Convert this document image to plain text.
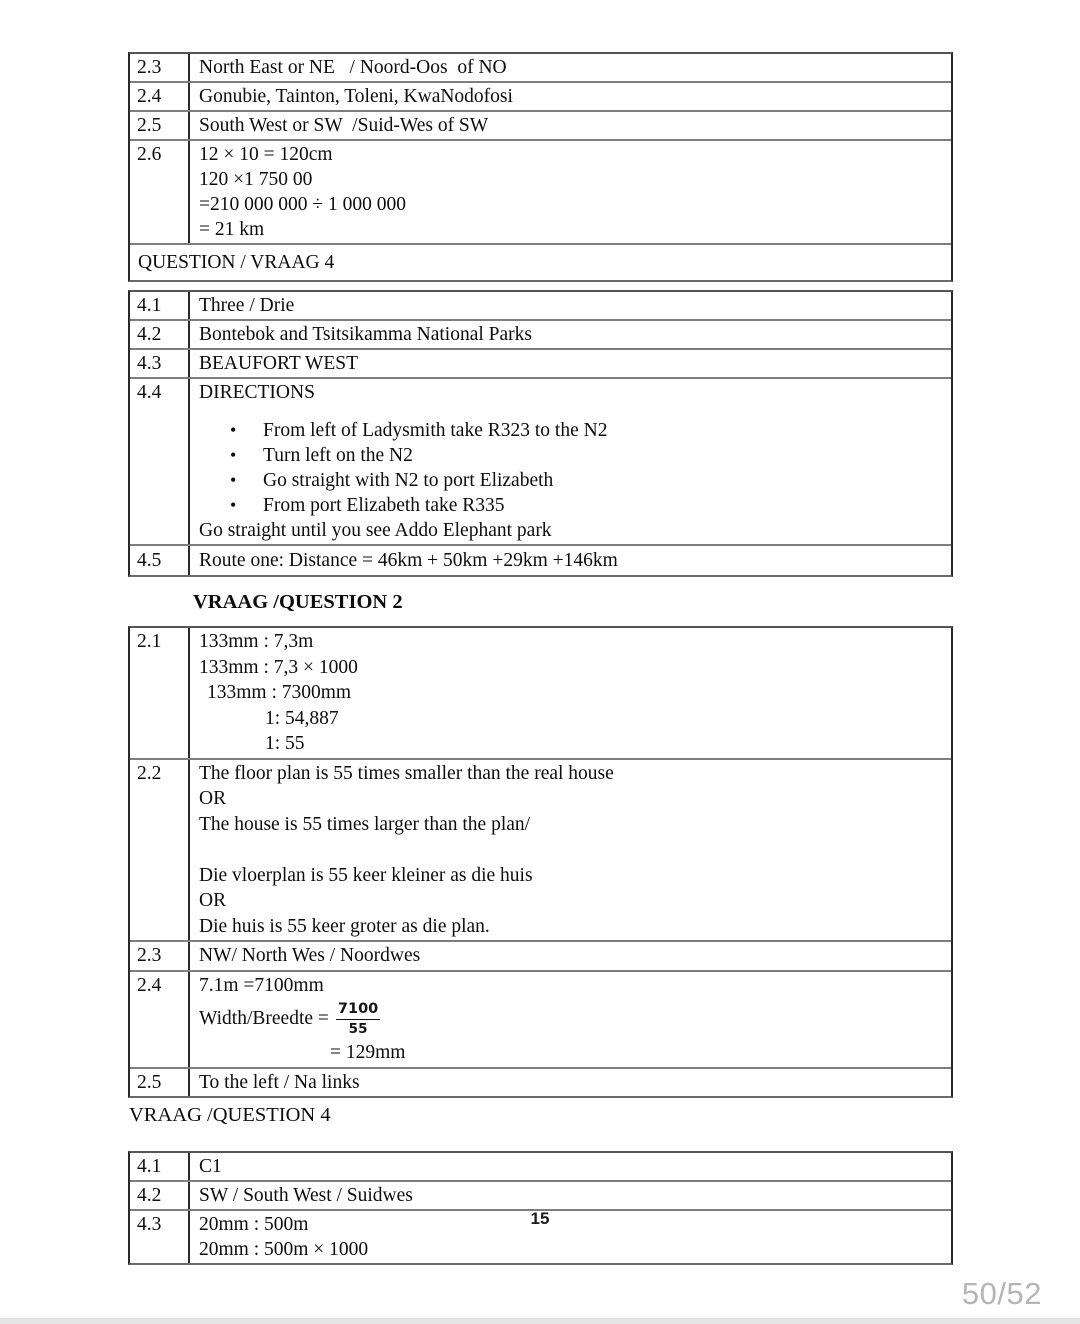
2.3	North East or NE   / Noord-Oos  of NO
2.4	Gonubie, Tainton, Toleni, KwaNodofosi
2.5	South West or SW  /Suid-Wes of SW
2.6	12 × 10 = 120cm
120 ×1 750 00
=210 000 000 ÷ 1 000 000
= 21 km
QUESTION / VRAAG 4
4.1	Three / Drie
4.2	Bontebok and Tsitsikamma National Parks
4.3	BEAUFORT WEST
4.4	DIRECTIONS
•	From left of Ladysmith take R323 to the N2
•	Turn left on the N2
•	Go straight with N2 to port Elizabeth
•	From port Elizabeth take R335
Go straight until you see Addo Elephant park
4.5	Route one: Distance = 46km + 50km +29km +146km
VRAAG /QUESTION 2
2.1	133mm : 7,3m
133mm : 7,3 × 1000
133mm : 7300mm
1: 54,887
1: 55
2.2	The floor plan is 55 times smaller than the real house
OR
The house is 55 times larger than the plan/
Die vloerplan is 55 keer kleiner as die huis
OR
Die huis is 55 keer groter as die plan.
2.3	NW/ North Wes / Noordwes
2.4	7.1m =7100mm
Width/Breedte = $\frac{7100}{55}$
= 129mm
2.5	To the left / Na links
VRAAG /QUESTION 4
4.1	C1
4.2	SW / South West / Suidwes
4.3	20mm : 500m
20mm : 500m × 1000
15
50/52
